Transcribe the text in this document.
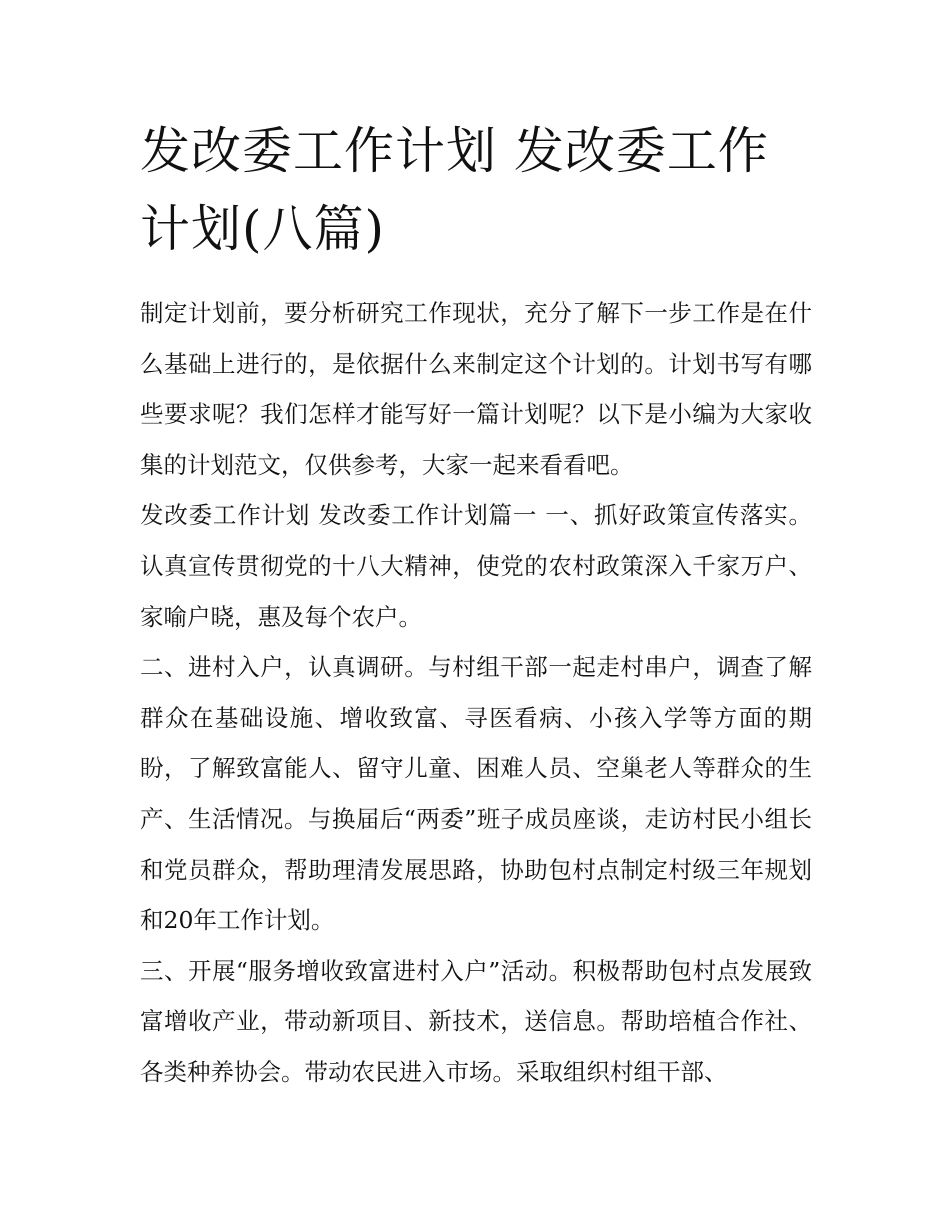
发改委工作计划 发改委工作计划(八篇)

制定计划前，要分析研究工作现状，充分了解下一步工作是在什么基础上进行的，是依据什么来制定这个计划的。计划书写有哪些要求呢？我们怎样才能写好一篇计划呢？以下是小编为大家收集的计划范文，仅供参考，大家一起来看看吧。

发改委工作计划 发改委工作计划篇一 一、抓好政策宣传落实。认真宣传贯彻党的十八大精神，使党的农村政策深入千家万户、家喻户晓，惠及每个农户。

二、进村入户，认真调研。与村组干部一起走村串户，调查了解群众在基础设施、增收致富、寻医看病、小孩入学等方面的期盼，了解致富能人、留守儿童、困难人员、空巢老人等群众的生产、生活情况。与换届后“两委”班子成员座谈，走访村民小组长和党员群众，帮助理清发展思路，协助包村点制定村级三年规划和20年工作计划。

三、开展“服务增收致富进村入户”活动。积极帮助包村点发展致富增收产业，带动新项目、新技术，送信息。帮助培植合作社、各类种养协会。带动农民进入市场。采取组织村组干部、
